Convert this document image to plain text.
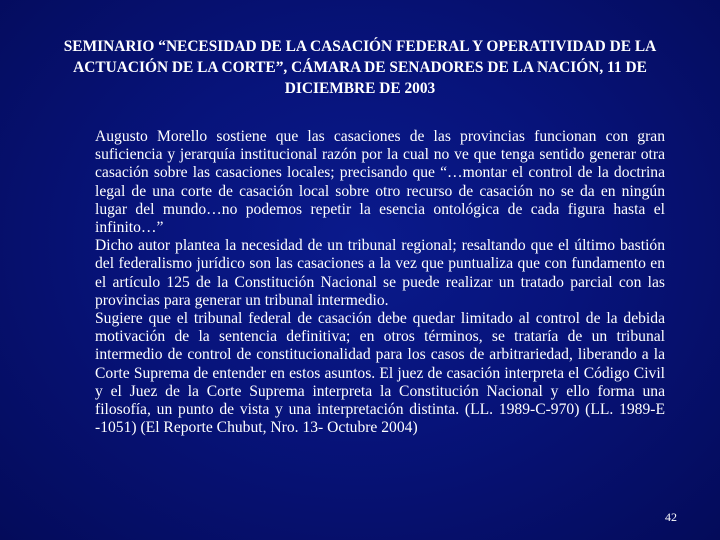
SEMINARIO “NECESIDAD DE LA CASACIÓN FEDERAL Y OPERATIVIDAD DE LA ACTUACIÓN DE LA CORTE”, CÁMARA DE SENADORES DE LA NACIÓN, 11 DE DICIEMBRE DE 2003

Augusto Morello sostiene que las casaciones de las provincias funcionan con gran suficiencia y jerarquía institucional razón por la cual no ve que tenga sentido generar otra casación sobre las casaciones locales; precisando que “…montar el control de la doctrina legal de una corte de casación local sobre otro recurso de casación no se da en ningún lugar del mundo…no podemos repetir la esencia ontológica de cada figura hasta el infinito…”

Dicho autor plantea la necesidad de un tribunal regional; resaltando que el último bastión del federalismo jurídico son las casaciones a la vez que puntualiza que con fundamento en el artículo 125 de la Constitución Nacional se puede realizar un tratado parcial con las provincias para generar un tribunal intermedio.

Sugiere que el tribunal federal de casación debe quedar limitado al control de la debida motivación de la sentencia definitiva; en otros términos, se trataría de un tribunal intermedio de control de constitucionalidad para los casos de arbitrariedad, liberando a la Corte Suprema de entender en estos asuntos. El juez de casación interpreta el Código Civil y el Juez de la Corte Suprema interpreta la Constitución Nacional y ello forma una filosofía, un punto de vista y una interpretación distinta. (LL. 1989-C-970) (LL. 1989-E -1051) (El Reporte Chubut, Nro. 13- Octubre 2004)

42
